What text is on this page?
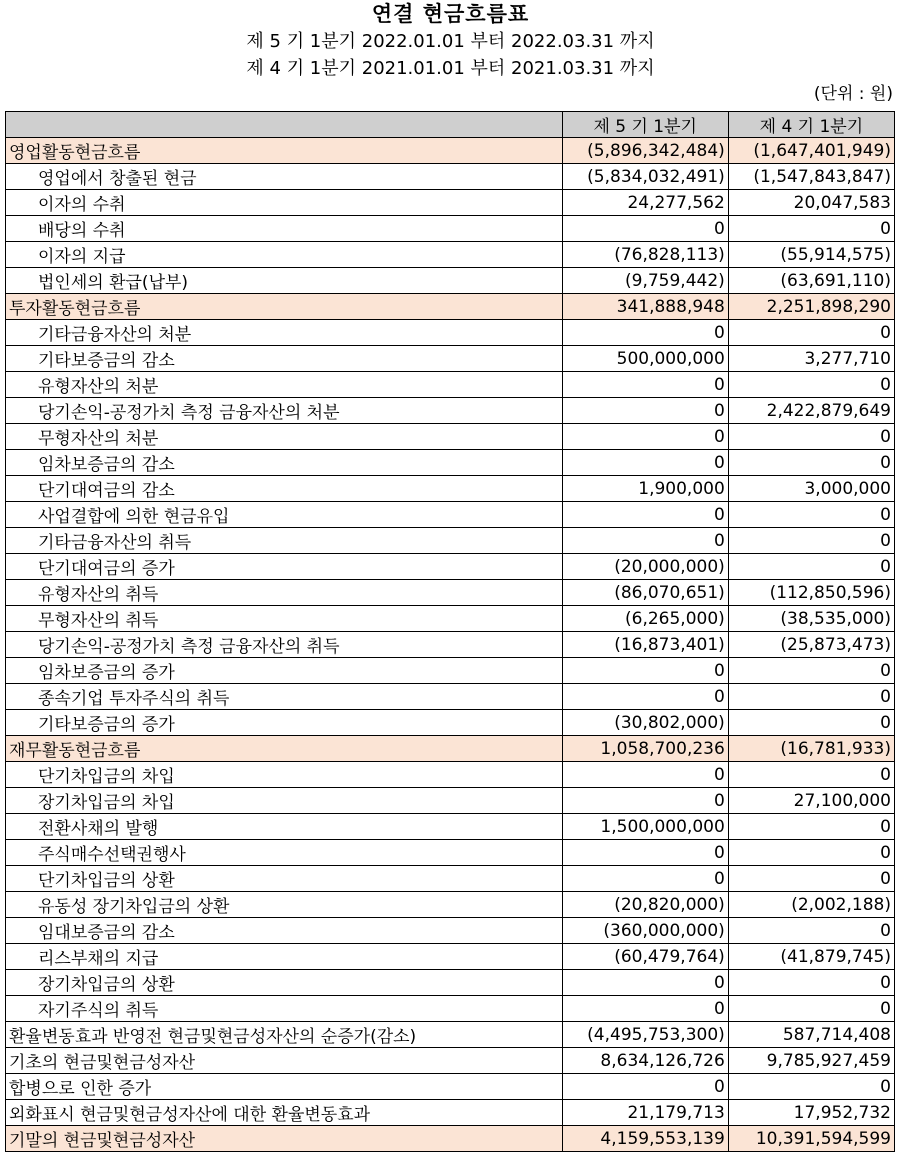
연결 현금흐름표
제 5 기 1분기 2022.01.01 부터 2022.03.31 까지
제 4 기 1분기 2021.01.01 부터 2021.03.31 까지
(단위 : 원)
	제 5 기 1분기	제 4 기 1분기
영업활동현금흐름	(5,896,342,484)	(1,647,401,949)
영업에서 창출된 현금	(5,834,032,491)	(1,547,843,847)
이자의 수취	24,277,562	20,047,583
배당의 수취	0	0
이자의 지급	(76,828,113)	(55,914,575)
법인세의 환급(납부)	(9,759,442)	(63,691,110)
투자활동현금흐름	341,888,948	2,251,898,290
기타금융자산의 처분	0	0
기타보증금의 감소	500,000,000	3,277,710
유형자산의 처분	0	0
당기손익-공정가치 측정 금융자산의 처분	0	2,422,879,649
무형자산의 처분	0	0
임차보증금의 감소	0	0
단기대여금의 감소	1,900,000	3,000,000
사업결합에 의한 현금유입	0	0
기타금융자산의 취득	0	0
단기대여금의 증가	(20,000,000)	0
유형자산의 취득	(86,070,651)	(112,850,596)
무형자산의 취득	(6,265,000)	(38,535,000)
당기손익-공정가치 측정 금융자산의 취득	(16,873,401)	(25,873,473)
임차보증금의 증가	0	0
종속기업 투자주식의 취득	0	0
기타보증금의 증가	(30,802,000)	0
재무활동현금흐름	1,058,700,236	(16,781,933)
단기차입금의 차입	0	0
장기차입금의 차입	0	27,100,000
전환사채의 발행	1,500,000,000	0
주식매수선택권행사	0	0
단기차입금의 상환	0	0
유동성 장기차입금의 상환	(20,820,000)	(2,002,188)
임대보증금의 감소	(360,000,000)	0
리스부채의 지급	(60,479,764)	(41,879,745)
장기차입금의 상환	0	0
자기주식의 취득	0	0
환율변동효과 반영전 현금및현금성자산의 순증가(감소)	(4,495,753,300)	587,714,408
기초의 현금및현금성자산	8,634,126,726	9,785,927,459
합병으로 인한 증가	0	0
외화표시 현금및현금성자산에 대한 환율변동효과	21,179,713	17,952,732
기말의 현금및현금성자산	4,159,553,139	10,391,594,599
